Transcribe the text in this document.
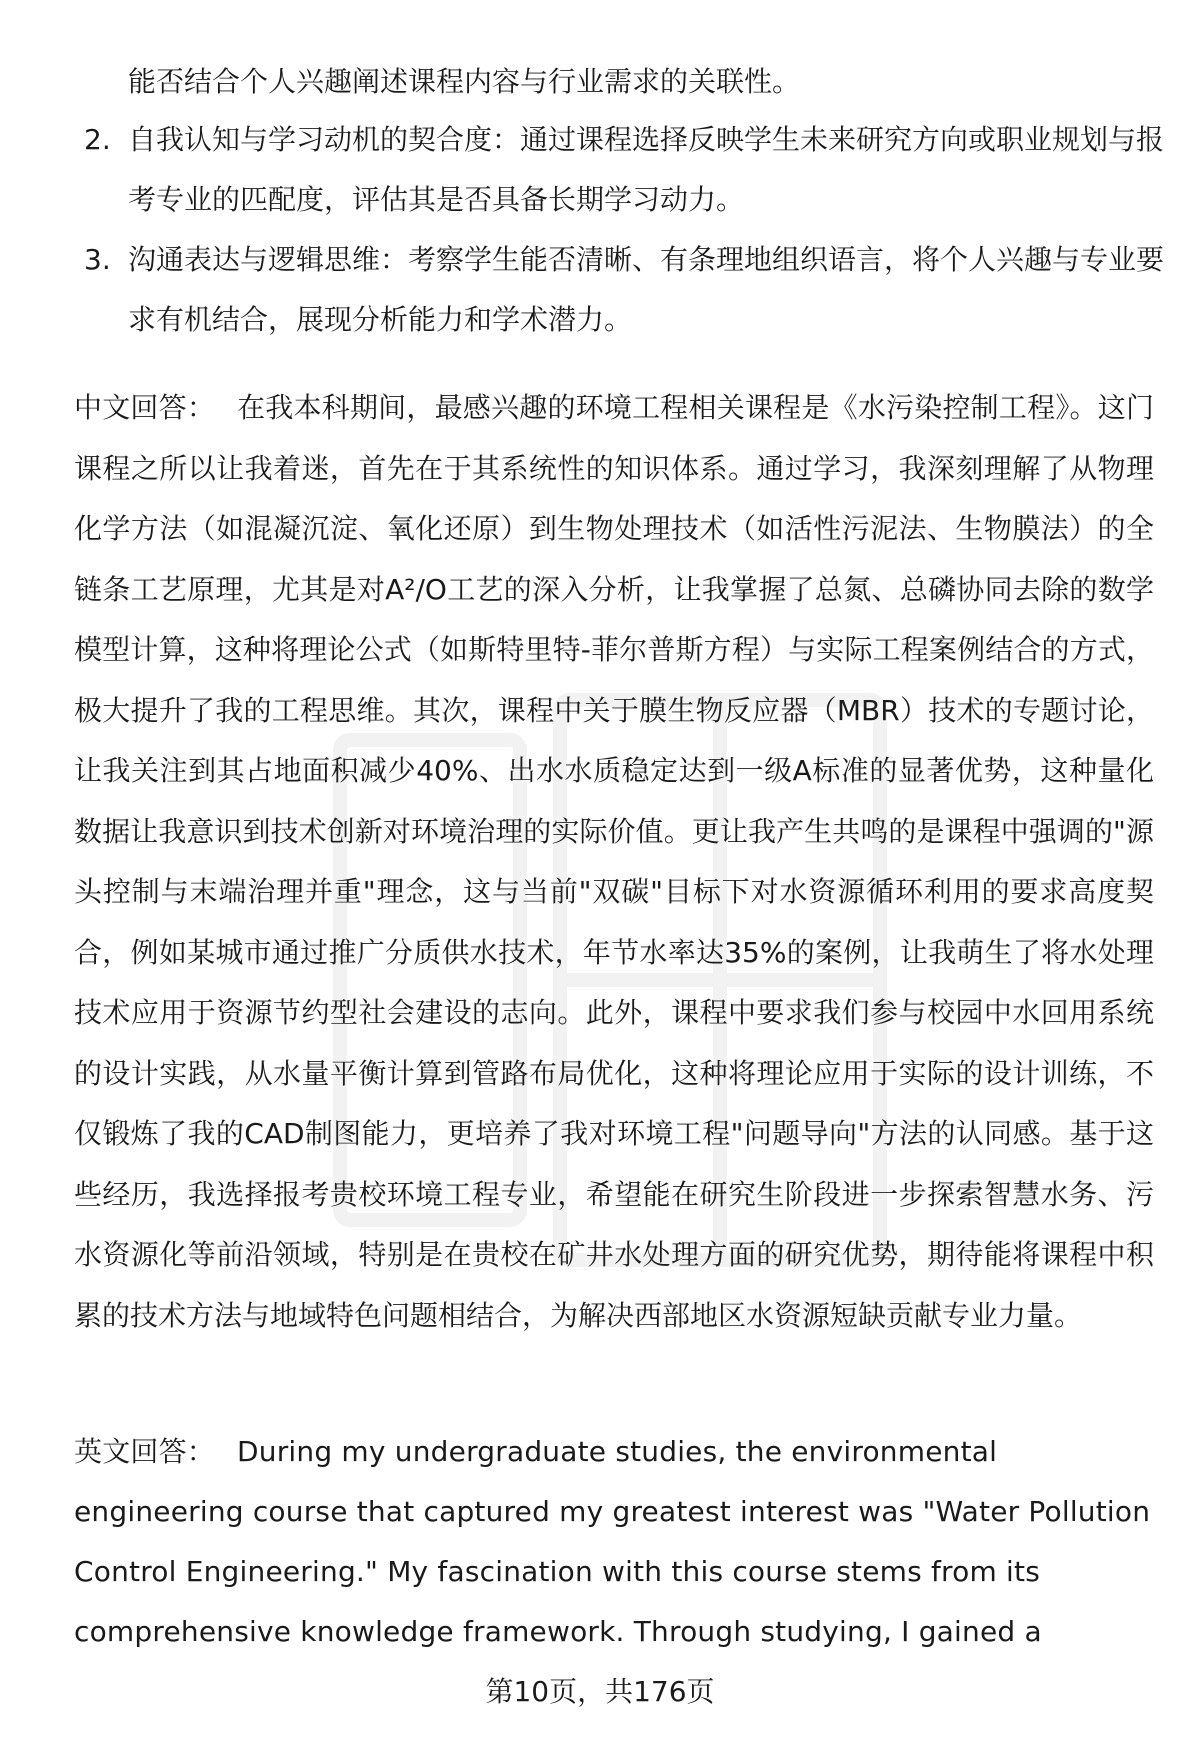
能否结合个人兴趣阐述课程内容与行业需求的关联性。
2. 自我认知与学习动机的契合度：通过课程选择反映学生未来研究方向或职业规划与报考专业的匹配度，评估其是否具备长期学习动力。
3. 沟通表达与逻辑思维：考察学生能否清晰、有条理地组织语言，将个人兴趣与专业要求有机结合，展现分析能力和学术潜力。

中文回答： 在我本科期间，最感兴趣的环境工程相关课程是《水污染控制工程》。这门课程之所以让我着迷，首先在于其系统性的知识体系。通过学习，我深刻理解了从物理化学方法（如混凝沉淀、氧化还原）到生物处理技术（如活性污泥法、生物膜法）的全链条工艺原理，尤其是对A²/O工艺的深入分析，让我掌握了总氮、总磷协同去除的数学模型计算，这种将理论公式（如斯特里特-菲尔普斯方程）与实际工程案例结合的方式，极大提升了我的工程思维。其次，课程中关于膜生物反应器（MBR）技术的专题讨论，让我关注到其占地面积减少40%、出水水质稳定达到一级A标准的显著优势，这种量化数据让我意识到技术创新对环境治理的实际价值。更让我产生共鸣的是课程中强调的"源头控制与末端治理并重"理念，这与当前"双碳"目标下对水资源循环利用的要求高度契合，例如某城市通过推广分质供水技术，年节水率达35%的案例，让我萌生了将水处理技术应用于资源节约型社会建设的志向。此外，课程中要求我们参与校园中水回用系统的设计实践，从水量平衡计算到管路布局优化，这种将理论应用于实际的设计训练，不仅锻炼了我的CAD制图能力，更培养了我对环境工程"问题导向"方法的认同感。基于这些经历，我选择报考贵校环境工程专业，希望能在研究生阶段进一步探索智慧水务、污水资源化等前沿领域，特别是在贵校在矿井水处理方面的研究优势，期待能将课程中积累的技术方法与地域特色问题相结合，为解决西部地区水资源短缺贡献专业力量。

英文回答： During my undergraduate studies, the environmental engineering course that captured my greatest interest was "Water Pollution Control Engineering." My fascination with this course stems from its comprehensive knowledge framework. Through studying, I gained a

第10页，共176页
